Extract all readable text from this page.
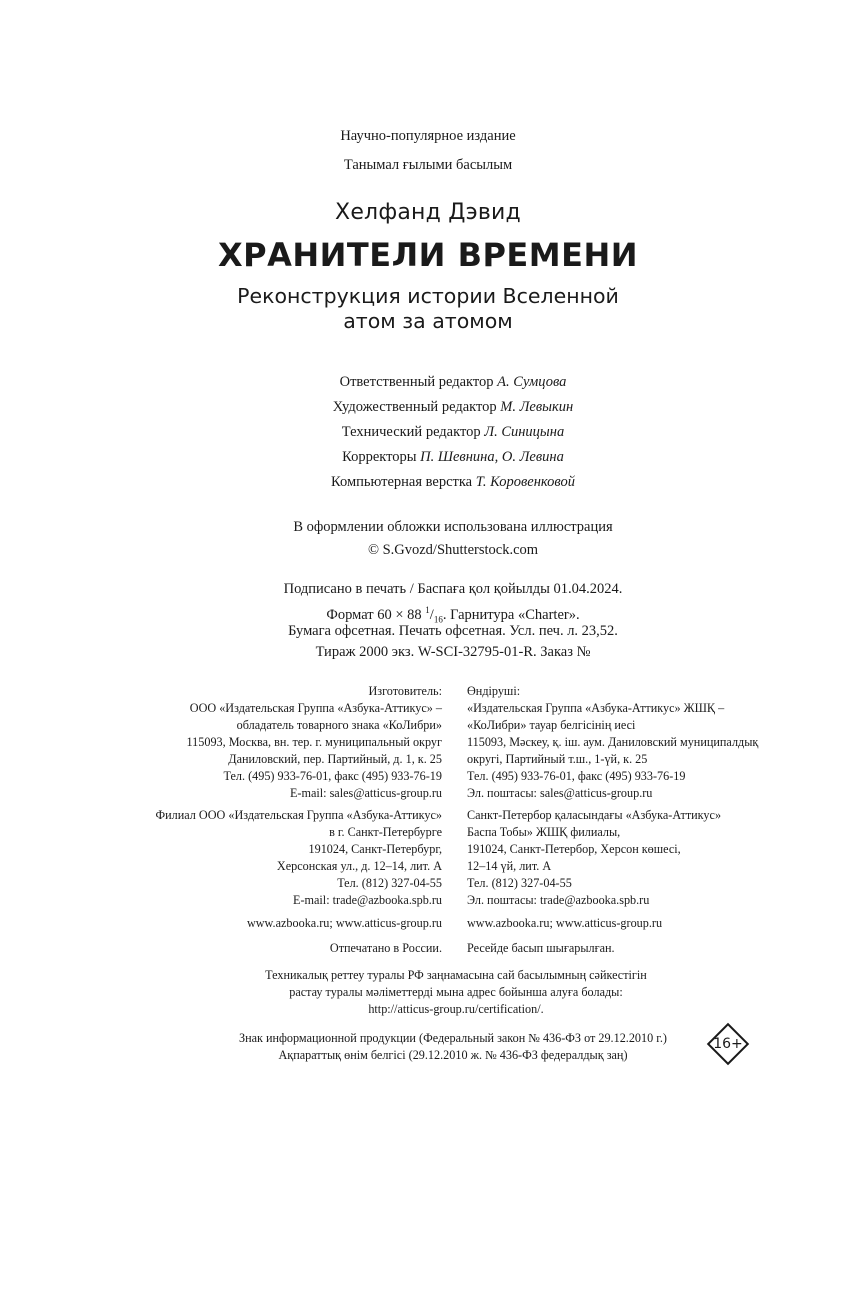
Научно-популярное издание
Танымал ғылыми басылым
Хелфанд Дэвид
ХРАНИТЕЛИ ВРЕМЕНИ
Реконструкция истории Вселенной
атом за атомом
Ответственный редактор А. Сумцова
Художественный редактор М. Левыкин
Технический редактор Л. Синицына
Корректоры П. Шевнина, О. Левина
Компьютерная верстка Т. Коровенковой
В оформлении обложки использована иллюстрация
© S.Gvozd/Shutterstock.com
Подписано в печать / Баспаға қол қойылды 01.04.2024.
Формат 60 × 88 $^1/_{16}$. Гарнитура «Charter».
Бумага офсетная. Печать офсетная. Усл. печ. л. 23,52.
Тираж 2000 экз. W-SCI-32795-01-R. Заказ №
Изготовитель:
ООО «Издательская Группа «Азбука-Аттикус» –
обладатель товарного знака «КоЛибри»
115093, Москва, вн. тер. г. муниципальный округ
Даниловский, пер. Партийный, д. 1, к. 25
Тел. (495) 933-76-01, факс (495) 933-76-19
E-mail: sales@atticus-group.ru
Өндіруші:
«Издательская Группа «Азбука-Аттикус» ЖШҚ –
«КоЛибри» тауар белгісінің иесі
115093, Мәскеу, қ. іш. аум. Даниловский муниципалдық
округі, Партийный т.ш., 1-үй, к. 25
Тел. (495) 933-76-01, факс (495) 933-76-19
Эл. поштасы: sales@atticus-group.ru
Филиал ООО «Издательская Группа «Азбука-Аттикус»
в г. Санкт-Петербурге
191024, Санкт-Петербург,
Херсонская ул., д. 12–14, лит. А
Тел. (812) 327-04-55
E-mail: trade@azbooka.spb.ru
Санкт-Петербор қаласындағы «Азбука-Аттикус»
Баспа Тобы» ЖШҚ филиалы,
191024, Санкт-Петербор, Херсон көшесі,
12–14 үй, лит. А
Тел. (812) 327-04-55
Эл. поштасы: trade@azbooka.spb.ru
www.azbooka.ru; www.atticus-group.ru www.azbooka.ru; www.atticus-group.ru
Отпечатано в России. Ресейде басып шығарылған.
Техникалық реттеу туралы РФ заңнамасына сай басылымның сәйкестігін
растау туралы мәліметтерді мына адрес бойынша алуға болады:
http://atticus-group.ru/certification/.
Знак информационной продукции (Федеральный закон № 436-ФЗ от 29.12.2010 г.)
Ақпараттық өнім белгісі (29.12.2010 ж. № 436-ФЗ федералдық заң)
16+
